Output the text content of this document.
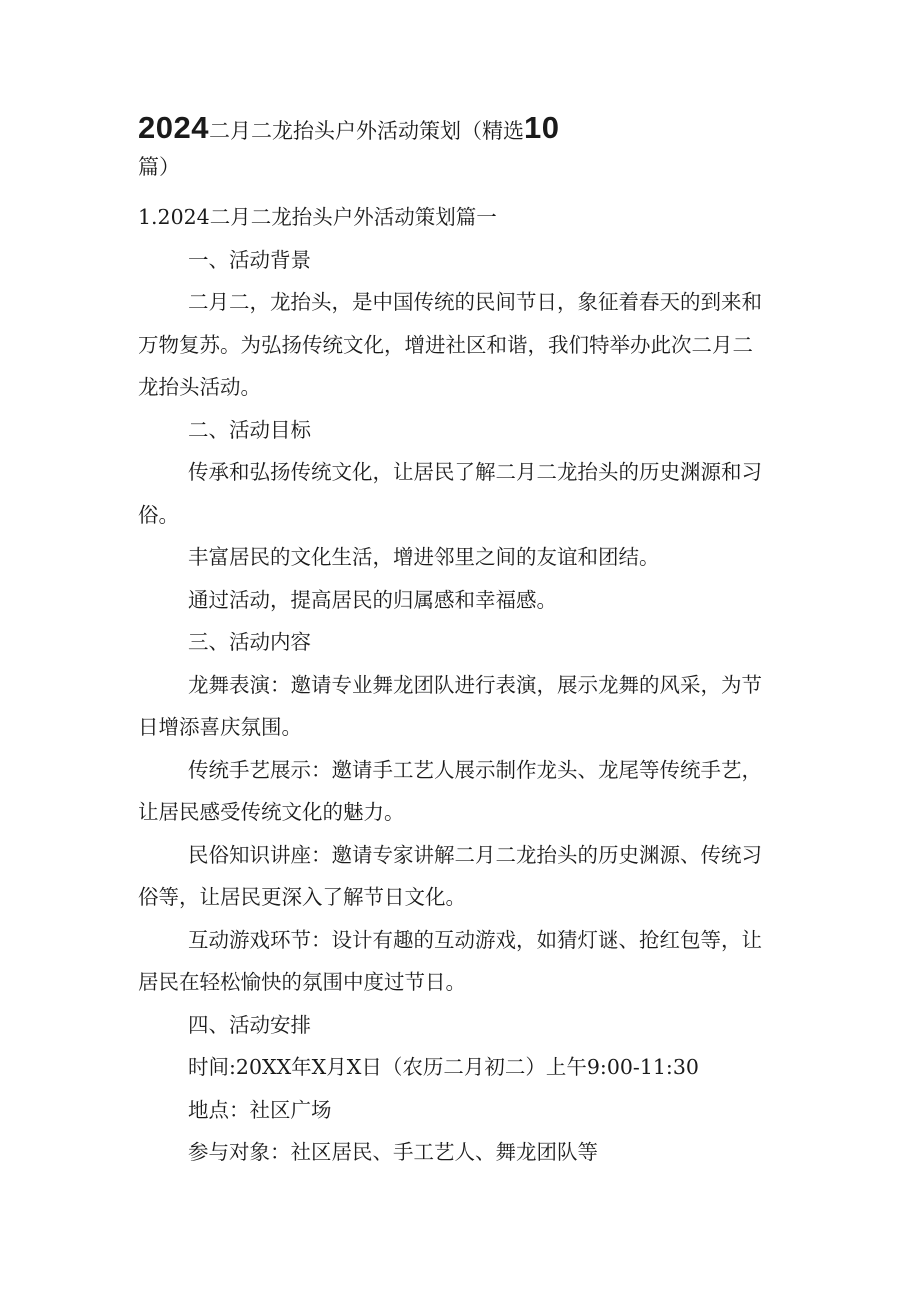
2024二月二龙抬头户外活动策划（精选10
篇）
1.2024二月二龙抬头户外活动策划篇一
一、活动背景
二月二，龙抬头，是中国传统的民间节日，象征着春天的到来和
万物复苏。为弘扬传统文化，增进社区和谐，我们特举办此次二月二
龙抬头活动。
二、活动目标
传承和弘扬传统文化，让居民了解二月二龙抬头的历史渊源和习
俗。
丰富居民的文化生活，增进邻里之间的友谊和团结。
通过活动，提高居民的归属感和幸福感。
三、活动内容
龙舞表演：邀请专业舞龙团队进行表演，展示龙舞的风采，为节
日增添喜庆氛围。
传统手艺展示：邀请手工艺人展示制作龙头、龙尾等传统手艺，
让居民感受传统文化的魅力。
民俗知识讲座：邀请专家讲解二月二龙抬头的历史渊源、传统习
俗等，让居民更深入了解节日文化。
互动游戏环节：设计有趣的互动游戏，如猜灯谜、抢红包等，让
居民在轻松愉快的氛围中度过节日。
四、活动安排
时间:20XX年X月X日（农历二月初二）上午9:00-11:30
地点：社区广场
参与对象：社区居民、手工艺人、舞龙团队等
